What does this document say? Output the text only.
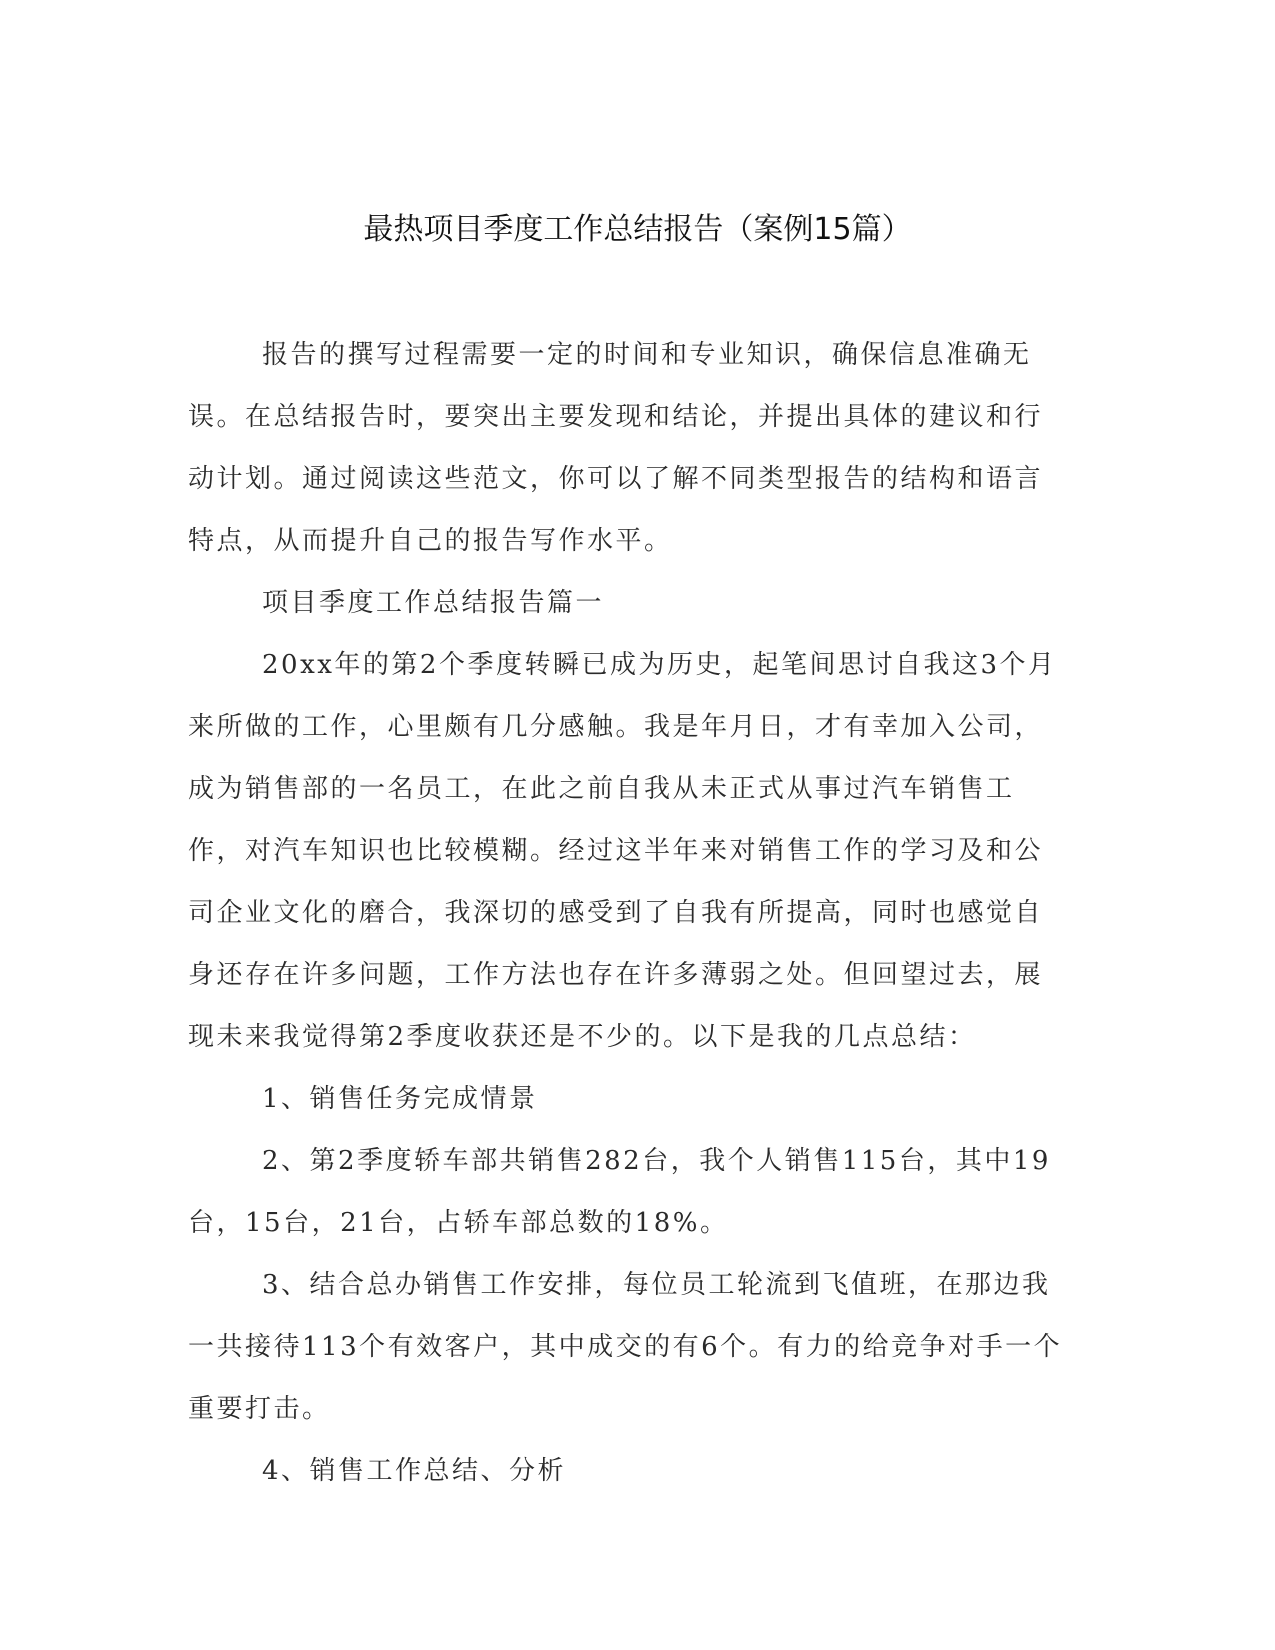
最热项目季度工作总结报告（案例15篇）

报告的撰写过程需要一定的时间和专业知识，确保信息准确无误。在总结报告时，要突出主要发现和结论，并提出具体的建议和行动计划。通过阅读这些范文，你可以了解不同类型报告的结构和语言特点，从而提升自己的报告写作水平。

项目季度工作总结报告篇一

20xx年的第2个季度转瞬已成为历史，起笔间思讨自我这3个月来所做的工作，心里颇有几分感触。我是年月日，才有幸加入公司，成为销售部的一名员工，在此之前自我从未正式从事过汽车销售工作，对汽车知识也比较模糊。经过这半年来对销售工作的学习及和公司企业文化的磨合，我深切的感受到了自我有所提高，同时也感觉自身还存在许多问题，工作方法也存在许多薄弱之处。但回望过去，展现未来我觉得第2季度收获还是不少的。以下是我的几点总结：

1、销售任务完成情景

2、第2季度轿车部共销售282台，我个人销售115台，其中19台，15台，21台，占轿车部总数的18%。

3、结合总办销售工作安排，每位员工轮流到飞值班，在那边我一共接待113个有效客户，其中成交的有6个。有力的给竞争对手一个重要打击。

4、销售工作总结、分析
